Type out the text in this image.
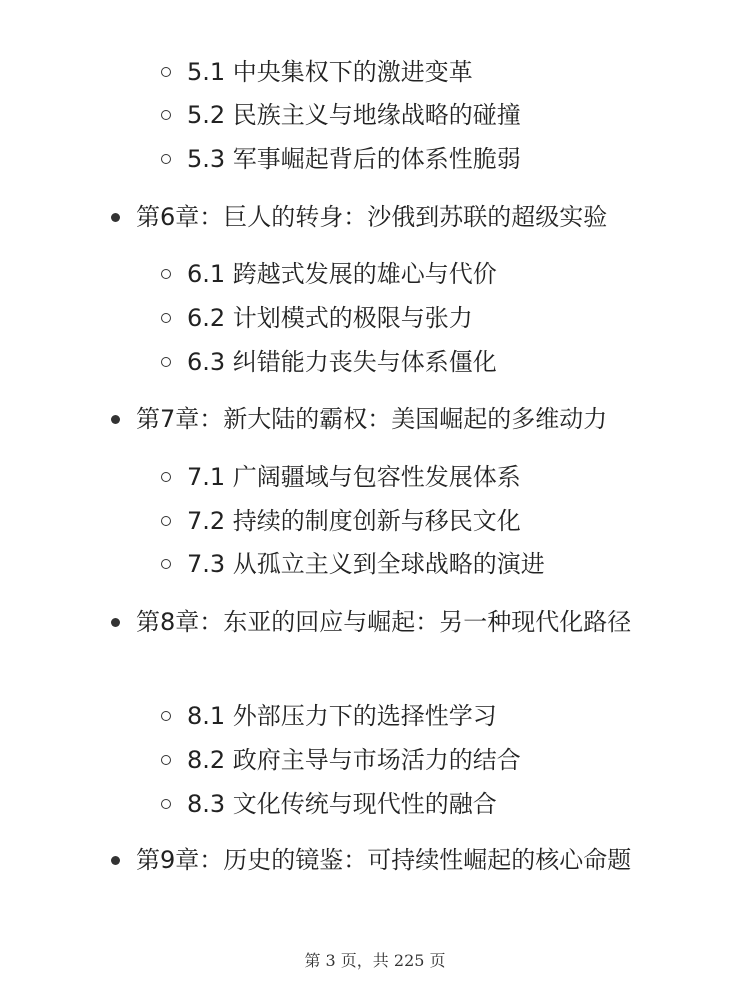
5.1 中央集权下的激进变革
5.2 民族主义与地缘战略的碰撞
5.3 军事崛起背后的体系性脆弱
第6章：巨人的转身：沙俄到苏联的超级实验
6.1 跨越式发展的雄心与代价
6.2 计划模式的极限与张力
6.3 纠错能力丧失与体系僵化
第7章：新大陆的霸权：美国崛起的多维动力
7.1 广阔疆域与包容性发展体系
7.2 持续的制度创新与移民文化
7.3 从孤立主义到全球战略的演进
第8章：东亚的回应与崛起：另一种现代化路径
8.1 外部压力下的选择性学习
8.2 政府主导与市场活力的结合
8.3 文化传统与现代性的融合
第9章：历史的镜鉴：可持续性崛起的核心命题
第 3 页，共 225 页
